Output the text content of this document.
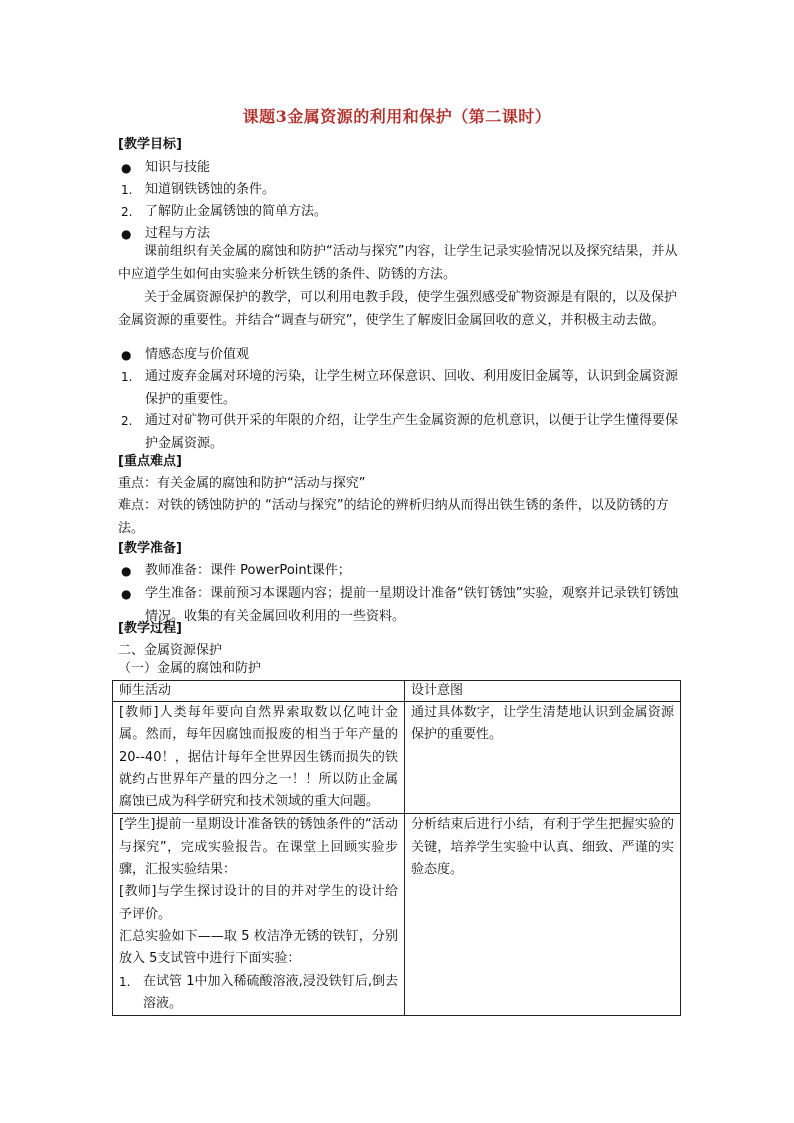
课题3金属资源的利用和保护（第二课时）
[教学目标]
● 知识与技能
1. 知道钢铁锈蚀的条件。
2. 了解防止金属锈蚀的简单方法。
● 过程与方法
课前组织有关金属的腐蚀和防护“活动与探究”内容，让学生记录实验情况以及探究结果，并从中应道学生如何由实验来分析铁生锈的条件、防锈的方法。
关于金属资源保护的教学，可以利用电教手段，使学生强烈感受矿物资源是有限的，以及保护金属资源的重要性。并结合“调查与研究”，使学生了解废旧金属回收的意义，并积极主动去做。
● 情感态度与价值观
1. 通过废弃金属对环境的污染，让学生树立环保意识、回收、利用废旧金属等，认识到金属资源保护的重要性。
2. 通过对矿物可供开采的年限的介绍，让学生产生金属资源的危机意识，以便于让学生懂得要保护金属资源。
[重点难点]
重点：有关金属的腐蚀和防护“活动与探究”
难点：对铁的锈蚀防护的 “活动与探究”的结论的辨析归纳从而得出铁生锈的条件，以及防锈的方法。
[教学准备]
● 教师准备：课件 PowerPoint课件；
● 学生准备：课前预习本课题内容；提前一星期设计准备“铁钉锈蚀”实验，观察并记录铁钉锈蚀情况。收集的有关金属回收利用的一些资料。
[教学过程]
二、金属资源保护
（一）金属的腐蚀和防护
师生活动	设计意图

[教师]人类每年要向自然界索取数以亿吨计金属。然而，每年因腐蚀而报废的相当于年产量的 20--40！，据估计每年全世界因生锈而损失的铁就约占世界年产量的四分之一！！所以防止金属腐蚀已成为科学研究和技术领域的重大问题。	通过具体数字，让学生清楚地认识到金属资源保护的重要性。

[学生]提前一星期设计准备铁的锈蚀条件的“活动与探究”，完成实验报告。在课堂上回顾实验步骤，汇报实验结果：
[教师]与学生探讨设计的目的并对学生的设计给予评价。
汇总实验如下——取 5 枚洁净无锈的铁钉，分别放入 5支试管中进行下面实验：
1. 在试管 1中加入稀硫酸溶液,浸没铁钉后,倒去溶液。	分析结束后进行小结，有利于学生把握实验的关键，培养学生实验中认真、细致、严谨的实验态度。
